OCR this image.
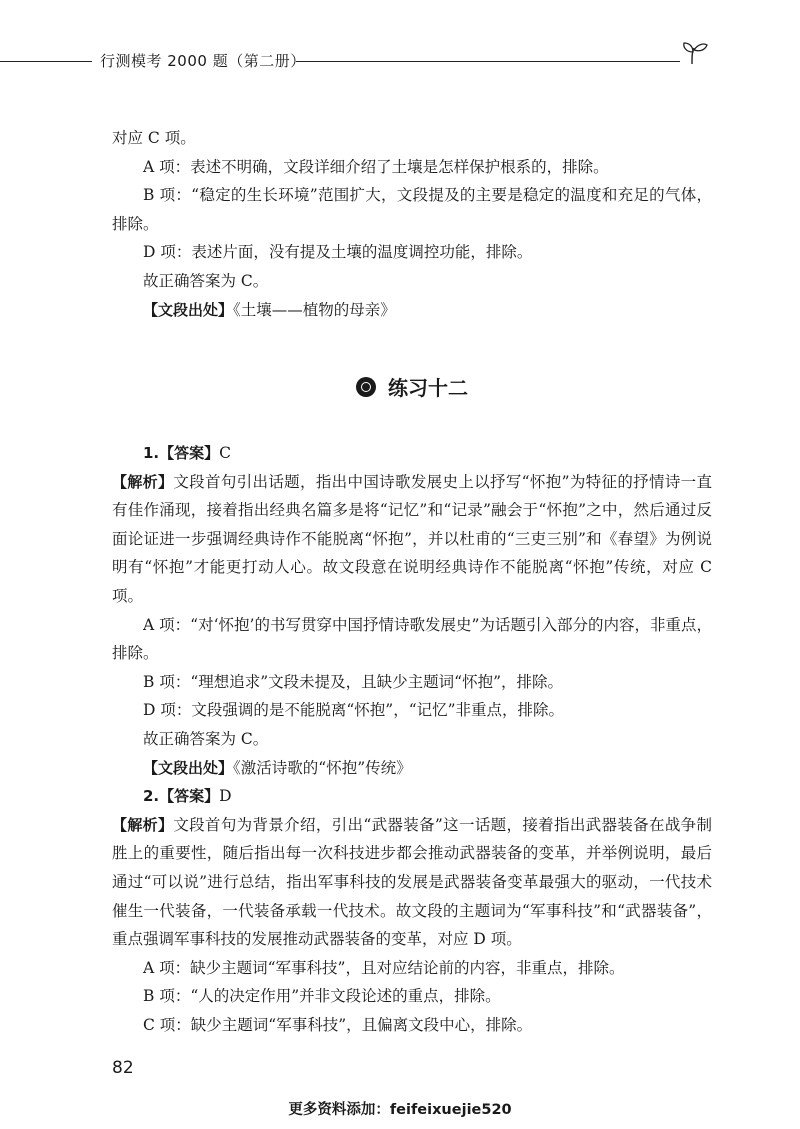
行测模考 2000 题（第二册）

对应 C 项。

A 项：表述不明确，文段详细介绍了土壤是怎样保护根系的，排除。

B 项：“稳定的生长环境”范围扩大，文段提及的主要是稳定的温度和充足的气体，排除。

D 项：表述片面，没有提及土壤的温度调控功能，排除。

故正确答案为 C。

【文段出处】《土壤——植物的母亲》

练习十二

1.【答案】C

【解析】文段首句引出话题，指出中国诗歌发展史上以抒写“怀抱”为特征的抒情诗一直有佳作涌现，接着指出经典名篇多是将“记忆”和“记录”融会于“怀抱”之中，然后通过反面论证进一步强调经典诗作不能脱离“怀抱”，并以杜甫的“三吏三别”和《春望》为例说明有“怀抱”才能更打动人心。故文段意在说明经典诗作不能脱离“怀抱”传统，对应 C 项。

A 项：“对‘怀抱’的书写贯穿中国抒情诗歌发展史”为话题引入部分的内容，非重点，排除。

B 项：“理想追求”文段未提及，且缺少主题词“怀抱”，排除。

D 项：文段强调的是不能脱离“怀抱”，“记忆”非重点，排除。

故正确答案为 C。

【文段出处】《激活诗歌的“怀抱”传统》

2.【答案】D

【解析】文段首句为背景介绍，引出“武器装备”这一话题，接着指出武器装备在战争制胜上的重要性，随后指出每一次科技进步都会推动武器装备的变革，并举例说明，最后通过“可以说”进行总结，指出军事科技的发展是武器装备变革最强大的驱动，一代技术催生一代装备，一代装备承载一代技术。故文段的主题词为“军事科技”和“武器装备”，重点强调军事科技的发展推动武器装备的变革，对应 D 项。

A 项：缺少主题词“军事科技”，且对应结论前的内容，非重点，排除。

B 项：“人的决定作用”并非文段论述的重点，排除。

C 项：缺少主题词“军事科技”，且偏离文段中心，排除。

82
更多资料添加：feifeixuejie520
